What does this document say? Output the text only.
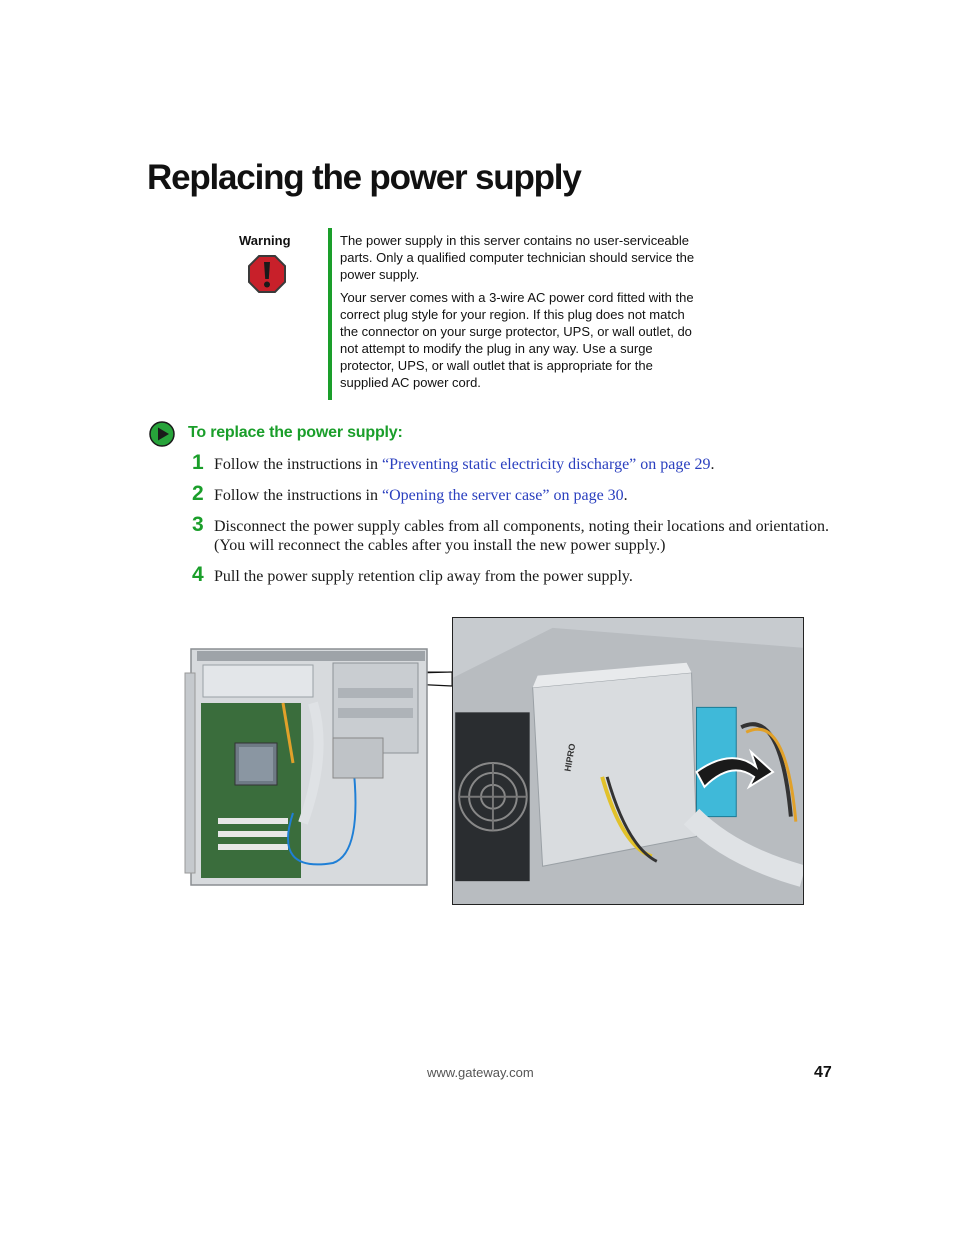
Replacing the power supply
Warning	The power supply in this server contains no user-serviceable parts. Only a qualified computer technician should service the power supply.

Your server comes with a 3-wire AC power cord fitted with the correct plug style for your region. If this plug does not match the connector on your surge protector, UPS, or wall outlet, do not attempt to modify the plug in any way. Use a surge protector, UPS, or wall outlet that is appropriate for the supplied AC power cord.

To replace the power supply:
1 Follow the instructions in “Preventing static electricity discharge” on page 29.
2 Follow the instructions in “Opening the server case” on page 30.
3 Disconnect the power supply cables from all components, noting their locations and orientation. (You will reconnect the cables after you install the new power supply.)
4 Pull the power supply retention clip away from the power supply.
HIPRO
www.gateway.com	47
